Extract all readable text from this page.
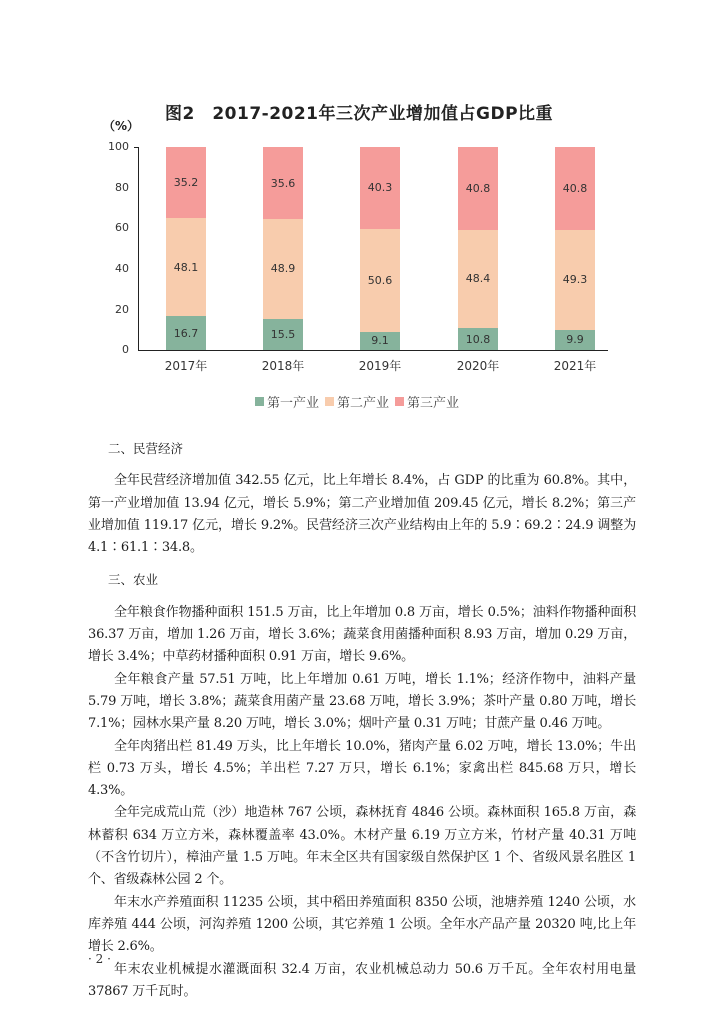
图2　2017-2021年三次产业增加值占GDP比重
（%）
100
80
60
40
20
0
16.7
48.1
35.2
15.5
48.9
35.6
9.1
50.6
40.3
10.8
48.4
40.8
9.9
49.3
40.8
2017年	2018年	2019年	2020年	2021年
第一产业 第二产业 第三产业

二、民营经济

全年民营经济增加值 342.55 亿元，比上年增长 8.4%，占 GDP 的比重为 60.8%。其中，第一产业增加值 13.94 亿元，增长 5.9%；第二产业增加值 209.45 亿元，增长 8.2%；第三产业增加值 119.17 亿元，增长 9.2%。民营经济三次产业结构由上年的 5.9∶69.2∶24.9 调整为 4.1∶61.1∶34.8。

三、农业

全年粮食作物播种面积 151.5 万亩，比上年增加 0.8 万亩，增长 0.5%；油料作物播种面积 36.37 万亩，增加 1.26 万亩，增长 3.6%；蔬菜食用菌播种面积 8.93 万亩，增加 0.29 万亩，增长 3.4%；中草药材播种面积 0.91 万亩，增长 9.6%。

全年粮食产量 57.51 万吨，比上年增加 0.61 万吨，增长 1.1%；经济作物中，油料产量 5.79 万吨，增长 3.8%；蔬菜食用菌产量 23.68 万吨，增长 3.9%；茶叶产量 0.80 万吨，增长 7.1%；园林水果产量 8.20 万吨，增长 3.0%；烟叶产量 0.31 万吨；甘蔗产量 0.46 万吨。

全年肉猪出栏 81.49 万头，比上年增长 10.0%，猪肉产量 6.02 万吨，增长 13.0%；牛出栏 0.73 万头，增长 4.5%；羊出栏 7.27 万只，增长 6.1%；家禽出栏 845.68 万只，增长 4.3%。

全年完成荒山荒（沙）地造林 767 公顷，森林抚育 4846 公顷。森林面积 165.8 万亩，森林蓄积 634 万立方米，森林覆盖率 43.0%。木材产量 6.19 万立方米，竹材产量 40.31 万吨（不含竹切片），樟油产量 1.5 万吨。年末全区共有国家级自然保护区 1 个、省级风景名胜区 1 个、省级森林公园 2 个。

年末水产养殖面积 11235 公顷，其中稻田养殖面积 8350 公顷，池塘养殖 1240 公顷，水库养殖 444 公顷，河沟养殖 1200 公顷，其它养殖 1 公顷。全年水产品产量 20320 吨,比上年增长 2.6%。

年末农业机械提水灌溉面积 32.4 万亩，农业机械总动力 50.6 万千瓦。全年农村用电量 37867 万千瓦时。

· 2 ·
